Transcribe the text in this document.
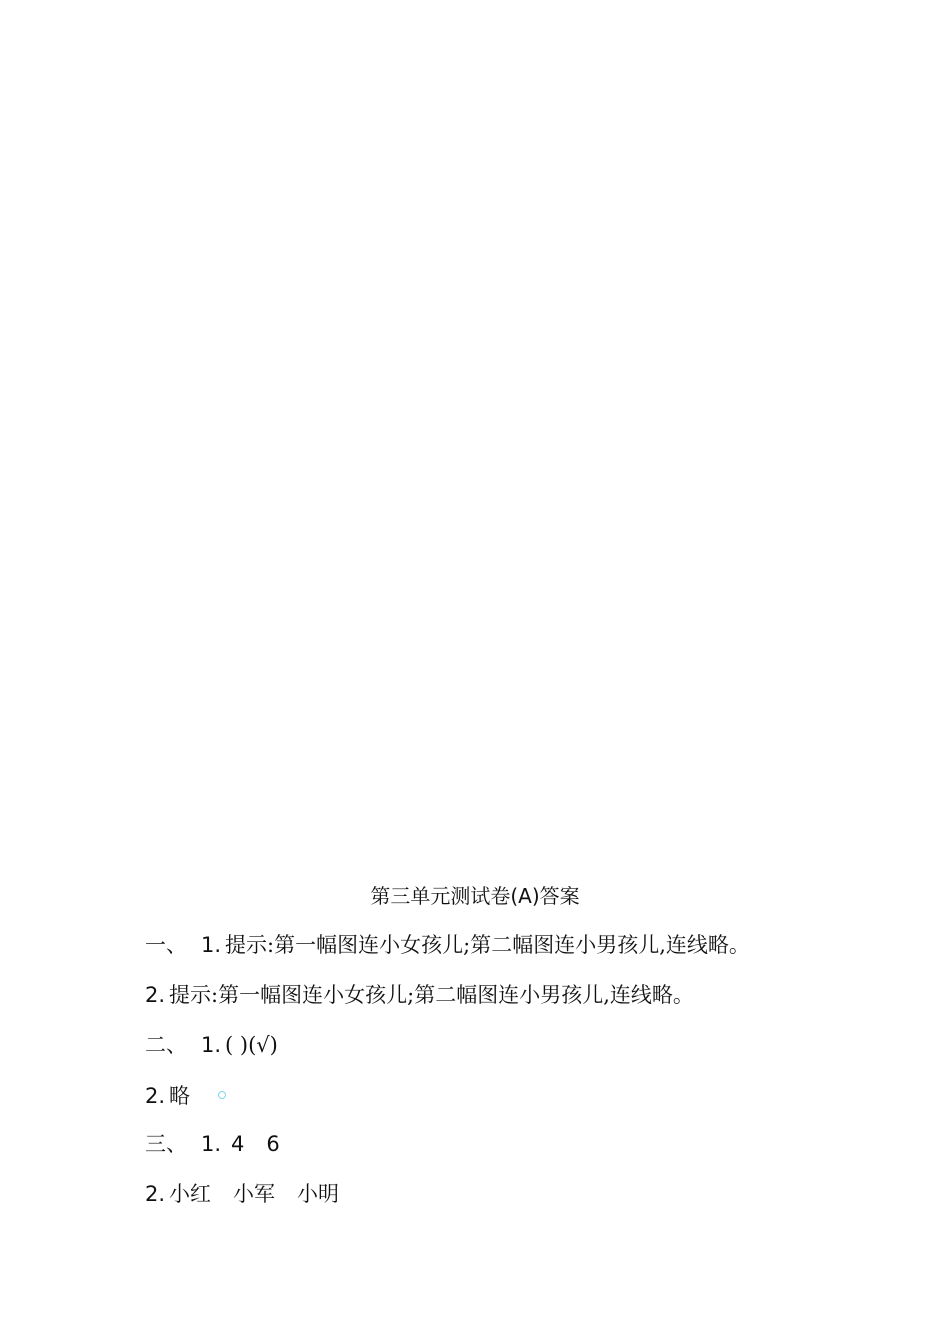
第三单元测试卷(A)答案
一、 1. 提示:第一幅图连小女孩儿;第二幅图连小男孩儿,连线略。
2. 提示:第一幅图连小女孩儿;第二幅图连小男孩儿,连线略。
二、 1. ( )(√)
2. 略
三、 1. 4 6
2. 小红 小军 小明
